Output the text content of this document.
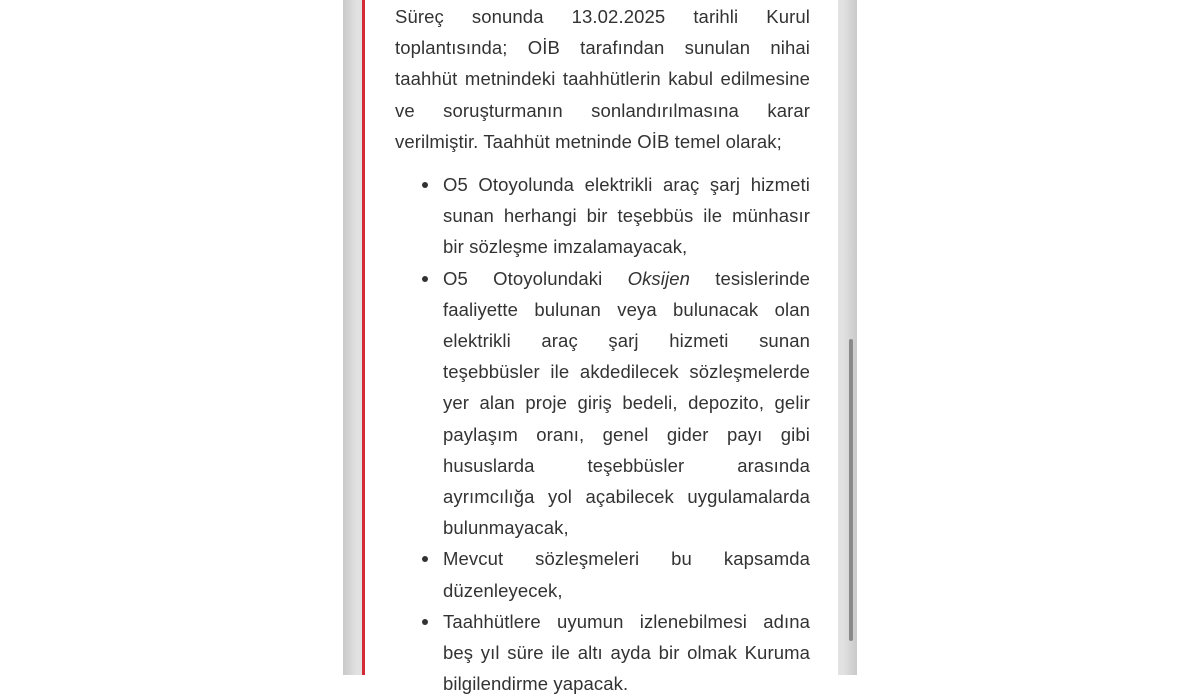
Süreç sonunda 13.02.2025 tarihli Kurul toplantısında; OİB tarafından sunulan nihai taahhüt metnindeki taahhütlerin kabul edilmesine ve soruşturmanın sonlandırılmasına karar verilmiştir. Taahhüt metninde OİB temel olarak;

O5 Otoyolunda elektrikli araç şarj hizmeti sunan herhangi bir teşebbüs ile münhasır bir sözleşme imzalamayacak,
O5 Otoyolundaki Oksijen tesislerinde faaliyette bulunan veya bulunacak olan elektrikli araç şarj hizmeti sunan teşebbüsler ile akdedilecek sözleşmelerde yer alan proje giriş bedeli, depozito, gelir paylaşım oranı, genel gider payı gibi hususlarda teşebbüsler arasında ayrımcılığa yol açabilecek uygulamalarda bulunmayacak,
Mevcut sözleşmeleri bu kapsamda düzenleyecek,
Taahhütlere uyumun izlenebilmesi adına beş yıl süre ile altı ayda bir olmak Kuruma bilgilendirme yapacak.
